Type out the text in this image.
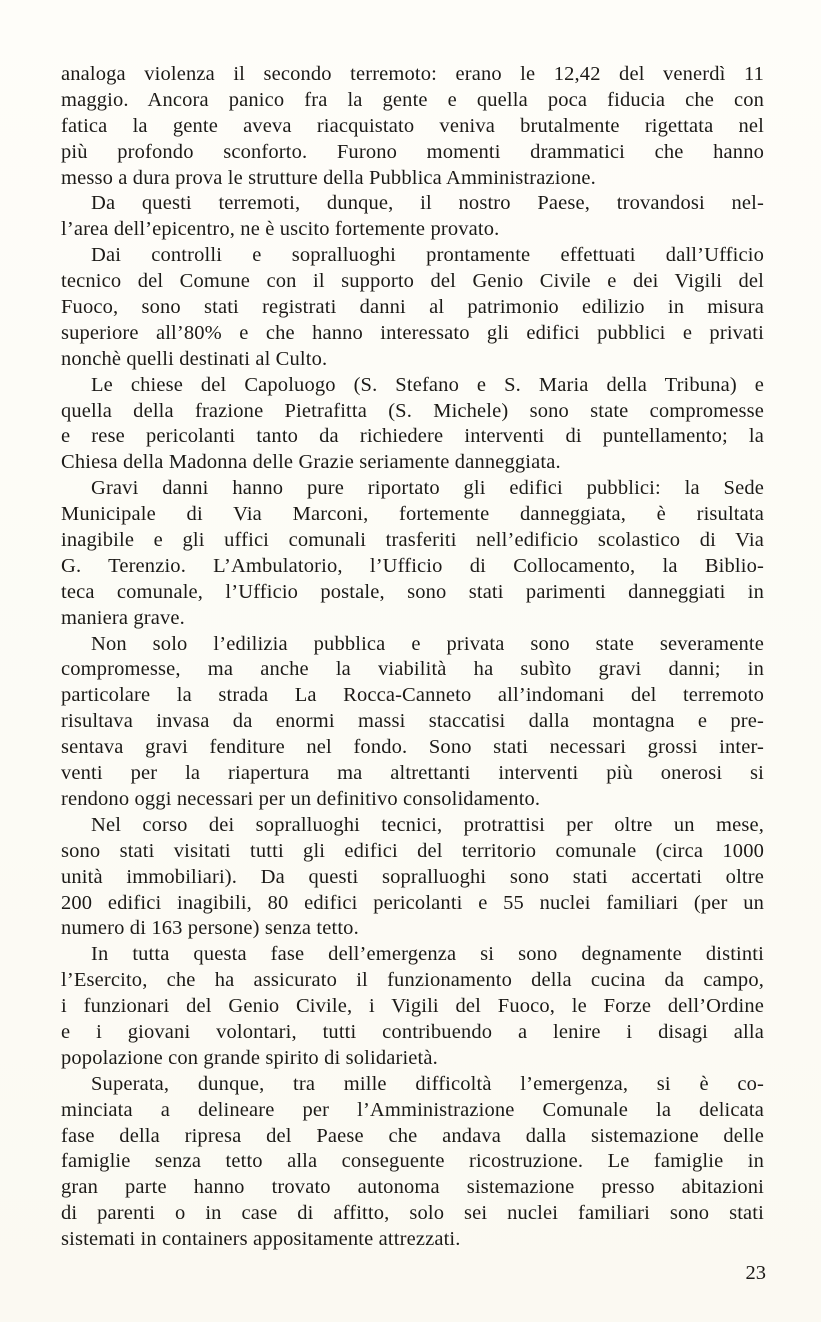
analoga violenza il secondo terremoto: erano le 12,42 del venerdì 11
maggio. Ancora panico fra la gente e quella poca fiducia che con
fatica la gente aveva riacquistato veniva brutalmente rigettata nel
più profondo sconforto. Furono momenti drammatici che hanno
messo a dura prova le strutture della Pubblica Amministrazione.
Da questi terremoti, dunque, il nostro Paese, trovandosi nel-
l’area dell’epicentro, ne è uscito fortemente provato.
Dai controlli e sopralluoghi prontamente effettuati dall’Ufficio
tecnico del Comune con il supporto del Genio Civile e dei Vigili del
Fuoco, sono stati registrati danni al patrimonio edilizio in misura
superiore all’80% e che hanno interessato gli edifici pubblici e privati
nonchè quelli destinati al Culto.
Le chiese del Capoluogo (S. Stefano e S. Maria della Tribuna) e
quella della frazione Pietrafitta (S. Michele) sono state compromesse
e rese pericolanti tanto da richiedere interventi di puntellamento; la
Chiesa della Madonna delle Grazie seriamente danneggiata.
Gravi danni hanno pure riportato gli edifici pubblici: la Sede
Municipale di Via Marconi, fortemente danneggiata, è risultata
inagibile e gli uffici comunali trasferiti nell’edificio scolastico di Via
G. Terenzio. L’Ambulatorio, l’Ufficio di Collocamento, la Biblio-
teca comunale, l’Ufficio postale, sono stati parimenti danneggiati in
maniera grave.
Non solo l’edilizia pubblica e privata sono state severamente
compromesse, ma anche la viabilità ha subìto gravi danni; in
particolare la strada La Rocca-Canneto all’indomani del terremoto
risultava invasa da enormi massi staccatisi dalla montagna e pre-
sentava gravi fenditure nel fondo. Sono stati necessari grossi inter-
venti per la riapertura ma altrettanti interventi più onerosi si
rendono oggi necessari per un definitivo consolidamento.
Nel corso dei sopralluoghi tecnici, protrattisi per oltre un mese,
sono stati visitati tutti gli edifici del territorio comunale (circa 1000
unità immobiliari). Da questi sopralluoghi sono stati accertati oltre
200 edifici inagibili, 80 edifici pericolanti e 55 nuclei familiari (per un
numero di 163 persone) senza tetto.
In tutta questa fase dell’emergenza si sono degnamente distinti
l’Esercito, che ha assicurato il funzionamento della cucina da campo,
i funzionari del Genio Civile, i Vigili del Fuoco, le Forze dell’Ordine
e i giovani volontari, tutti contribuendo a lenire i disagi alla
popolazione con grande spirito di solidarietà.
Superata, dunque, tra mille difficoltà l’emergenza, si è co-
minciata a delineare per l’Amministrazione Comunale la delicata
fase della ripresa del Paese che andava dalla sistemazione delle
famiglie senza tetto alla conseguente ricostruzione. Le famiglie in
gran parte hanno trovato autonoma sistemazione presso abitazioni
di parenti o in case di affitto, solo sei nuclei familiari sono stati
sistemati in containers appositamente attrezzati.
23
